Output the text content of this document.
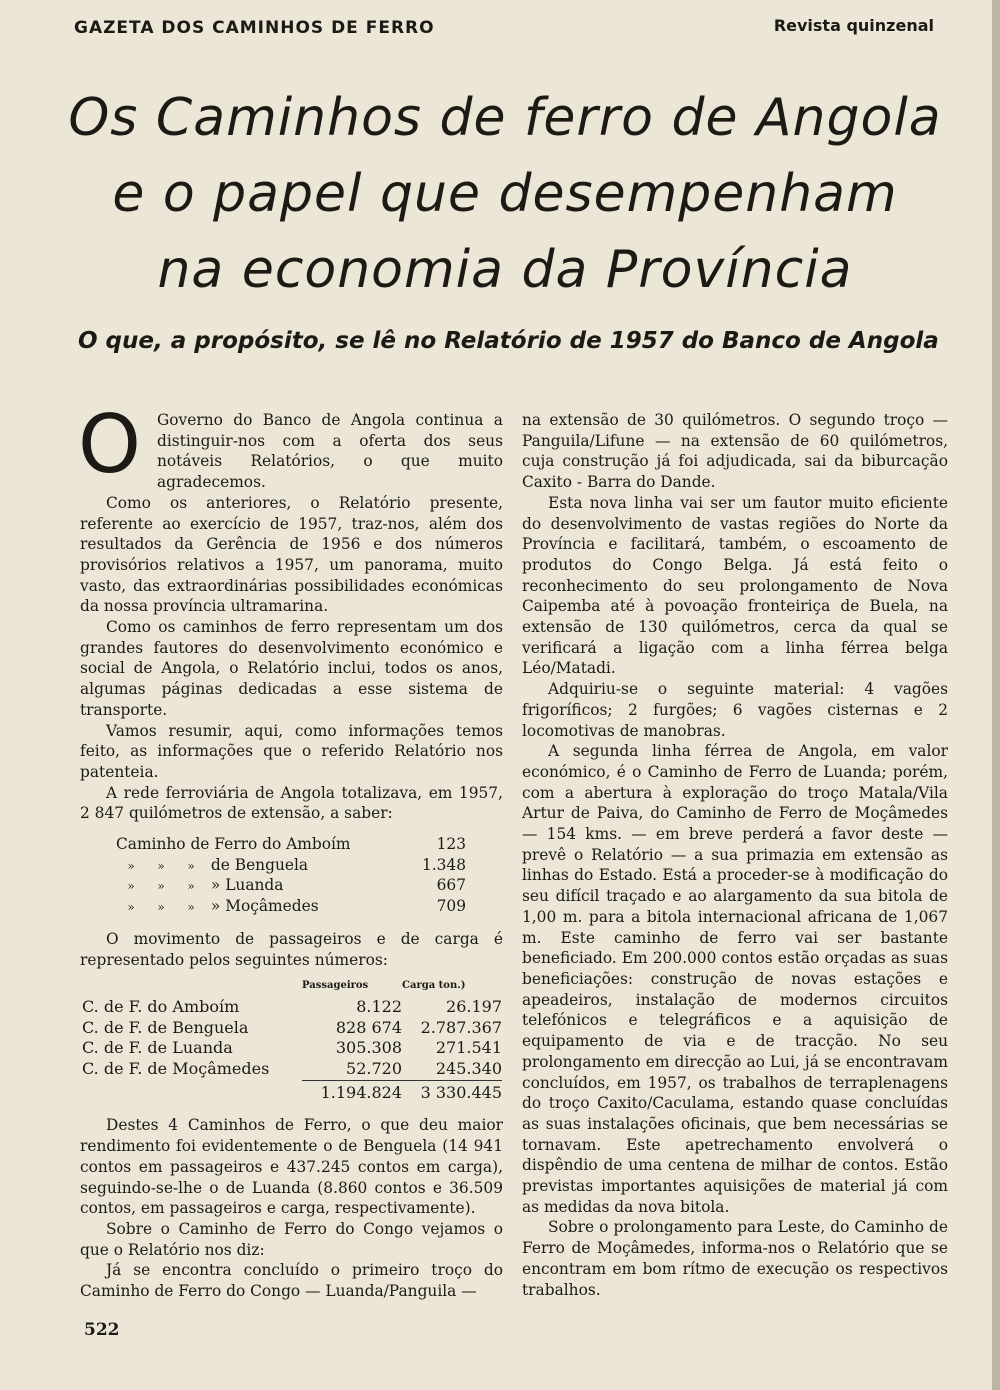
GAZETA DOS CAMINHOS DE FERRO	Revista quinzenal
Os Caminhos de ferro de Angola
e o papel que desempenham
na economia da Província
O que, a propósito, se lê no Relatório de 1957 do Banco de Angola

O Governo do Banco de Angola continua a distinguir-nos com a oferta dos seus notáveis Relatórios, o que muito agradecemos.

Como os anteriores, o Relatório presente, referente ao exercício de 1957, traz-nos, além dos resultados da Gerência de 1956 e dos números provisórios relativos a 1957, um panorama, muito vasto, das extraordinárias possibilidades económicas da nossa província ultramarina.

Como os caminhos de ferro representam um dos grandes fautores do desenvolvimento económico e social de Angola, o Relatório inclui, todos os anos, algumas páginas dedicadas a esse sistema de transporte.

Vamos resumir, aqui, como informações temos feito, as informações que o referido Relatório nos patenteia.

A rede ferroviária de Angola totalizava, em 1957, 2 847 quilómetros de extensão, a saber:

Caminho de Ferro do Amboím	123
» » » de Benguela	1.348
» » » » Luanda	667
» » » » Moçâmedes	709

O movimento de passageiros e de carga é representado pelos seguintes números:

	Passageiros	Carga ton.)
C. de F. do Amboím	8.122	26.197
C. de F. de Benguela	828 674	2.787.367
C. de F. de Luanda	305.308	271.541
C. de F. de Moçâmedes	52.720	245.340
	1.194.824	3 330.445

Destes 4 Caminhos de Ferro, o que deu maior rendimento foi evidentemente o de Benguela (14 941 contos em passageiros e 437.245 contos em carga), seguindo-se-lhe o de Luanda (8.860 contos e 36.509 contos, em passageiros e carga, respectivamente).

Sobre o Caminho de Ferro do Congo vejamos o que o Relatório nos diz:

Já se encontra concluído o primeiro troço do Caminho de Ferro do Congo — Luanda/Panguila —

na extensão de 30 quilómetros. O segundo troço — Panguila/Lifune — na extensão de 60 quilómetros, cuja construção já foi adjudicada, sai da biburcação Caxito - Barra do Dande.

Esta nova linha vai ser um fautor muito eficiente do desenvolvimento de vastas regiões do Norte da Província e facilitará, também, o escoamento de produtos do Congo Belga. Já está feito o reconhecimento do seu prolongamento de Nova Caipemba até à povoação fronteiriça de Buela, na extensão de 130 quilómetros, cerca da qual se verificará a ligação com a linha férrea belga Léo/Matadi.

Adquiriu-se o seguinte material: 4 vagões frigoríficos; 2 furgões; 6 vagões cisternas e 2 locomotivas de manobras.

A segunda linha férrea de Angola, em valor económico, é o Caminho de Ferro de Luanda; porém, com a abertura à exploração do troço Matala/Vila Artur de Paiva, do Caminho de Ferro de Moçâmedes — 154 kms. — em breve perderá a favor deste — prevê o Relatório — a sua primazia em extensão as linhas do Estado. Está a proceder-se à modificação do seu difícil traçado e ao alargamento da sua bitola de 1,00 m. para a bitola internacional africana de 1,067 m. Este caminho de ferro vai ser bastante beneficiado. Em 200.000 contos estão orçadas as suas beneficiações: construção de novas estações e apeadeiros, instalação de modernos circuitos telefónicos e telegráficos e a aquisição de equipamento de via e de tracção. No seu prolongamento em direcção ao Lui, já se encontravam concluídos, em 1957, os trabalhos de terraplenagens do troço Caxito/Caculama, estando quase concluídas as suas instalações oficinais, que bem necessárias se tornavam. Este apetrechamento envolverá o dispêndio de uma centena de milhar de contos. Estão previstas importantes aquisições de material já com as medidas da nova bitola.

Sobre o prolongamento para Leste, do Caminho de Ferro de Moçâmedes, informa-nos o Relatório que se encontram em bom rítmo de execução os respectivos trabalhos.

522
